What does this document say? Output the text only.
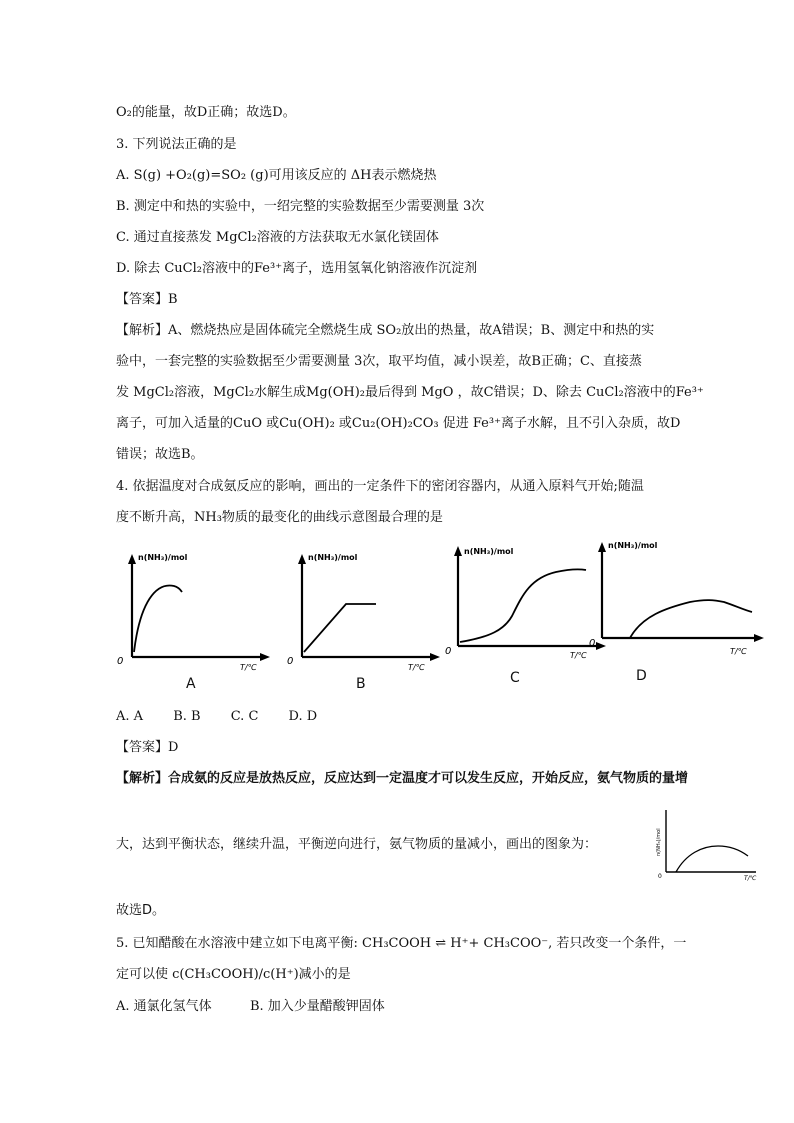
O₂的能量，故D正确；故选D。
3. 下列说法正确的是
A. S(g) +O₂(g)=SO₂ (g)可用该反应的 ΔH表示燃烧热
B. 测定中和热的实验中，一绍完整的实验数据至少需要测量 3次
C. 通过直接蒸发 MgCl₂溶液的方法获取无水氯化镁固体
D. 除去 CuCl₂溶液中的Fe³⁺离子，选用氢氧化钠溶液作沉淀剂
【答案】B
【解析】A、燃烧热应是固体硫完全燃烧生成 SO₂放出的热量，故A错误；B、测定中和热的实
验中，一套完整的实验数据至少需要测量 3次，取平均值，减小误差，故B正确；C、直接蒸
发 MgCl₂溶液，MgCl₂水解生成Mg(OH)₂最后得到 MgO ，故C错误；D、除去 CuCl₂溶液中的Fe³⁺
离子，可加入适量的CuO 或Cu(OH)₂ 或Cu₂(OH)₂CO₃ 促进 Fe³⁺离子水解，且不引入杂质，故D
错误；故选B。
4. 依据温度对合成氨反应的影响，画出的一定条件下的密闭容器内，从通入原料气开始;随温
度不断升高，NH₃物质的最变化的曲线示意图最合理的是
n(NH₃)/mol
0
T/℃
A
n(NH₃)/mol
0
T/℃
B
n(NH₃)/mol
0	T/℃
C
n(NH₃)/mol
0
T/℃
D
A. A B. B C. C D. D
【答案】D
【解析】合成氨的反应是放热反应，反应达到一定温度才可以发生反应，开始反应，氨气物质的量增
大，达到平衡状态，继续升温，平衡逆向进行，氨气物质的量减小，画出的图象为：	n(NH₃)/mol
0	T/℃
故选D。
5. 已知醋酸在水溶液中建立如下电离平衡: CH₃COOH ⇌ H⁺+ CH₃COO⁻, 若只改变一个条件，一
定可以使 c(CH₃COOH)/c(H⁺)减小的是
A. 通氯化氢气体	B. 加入少量醋酸钾固体
